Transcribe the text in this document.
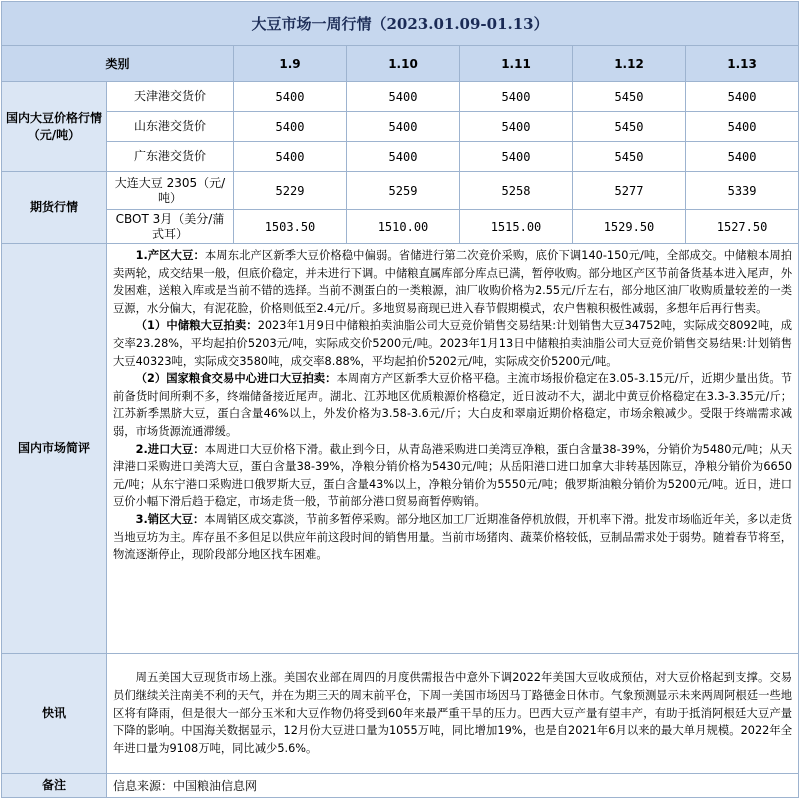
大豆市场一周行情（2023.01.09-01.13）						
类别		1.9	1.10	1.11	1.12	1.13
国内大豆价格行情（元/吨）	天津港交货价	5400	5400	5400	5450	5400
	山东港交货价	5400	5400	5400	5450	5400
	广东港交货价	5400	5400	5400	5450	5400
期货行情	大连大豆 2305（元/吨）	5229	5259	5258	5277	5339
	CBOT 3月（美分/蒲式耳）	1503.50	1510.00	1515.00	1529.50	1527.50
国内市场简评	1.产区大豆：本周东北产区新季大豆价格稳中偏弱。省储进行第二次竞价采购，底价下调140-150元/吨，全部成交。中储粮本周拍卖两轮，成交结果一般，但底价稳定，并未进行下调。中储粮直属库部分库点已满，暂停收购。部分地区产区节前备货基本进入尾声，外发困难，送粮入库或是当前不错的选择。当前不测蛋白的一类粮源，油厂收购价格为2.55元/斤左右，部分地区油厂收购质量较差的一类豆源，水分偏大，有泥花脸，价格则低至2.4元/斤。多地贸易商现已进入春节假期模式，农户售粮积极性减弱，多想年后再行售卖。

（1）中储粮大豆拍卖：2023年1月9日中储粮拍卖油脂公司大豆竞价销售交易结果:计划销售大豆34752吨，实际成交8092吨，成交率23.28%，平均起拍价5203元/吨，实际成交价5200元/吨。2023年1月13日中储粮拍卖油脂公司大豆竞价销售交易结果:计划销售大豆40323吨，实际成交3580吨，成交率8.88%，平均起拍价5202元/吨，实际成交价5200元/吨。

（2）国家粮食交易中心进口大豆拍卖：本周南方产区新季大豆价格平稳。主流市场报价稳定在3.05-3.15元/斤，近期少量出货。节前备货时间所剩不多，终端储备接近尾声。湖北、江苏地区优质粮源价格稳定，近日波动不大，湖北中黄豆价格稳定在3.3-3.35元/斤；江苏新季黑脐大豆，蛋白含量46%以上，外发价格为3.58-3.6元/斤；大白皮和翠扇近期价格稳定，市场余粮减少。受限于终端需求减弱，市场货源流通滞缓。

2.进口大豆：本周进口大豆价格下滑。截止到今日，从青岛港采购进口美湾豆净粮，蛋白含量38-39%，分销价为5480元/吨；从天津港口采购进口美湾大豆，蛋白含量38-39%，净粮分销价格为5430元/吨；从岳阳港口进口加拿大非转基因陈豆，净粮分销价为6650元/吨；从东宁港口采购进口俄罗斯大豆，蛋白含量43%以上，净粮分销价为5550元/吨；俄罗斯油粮分销价为5200元/吨。近日，进口豆价小幅下滑后趋于稳定，市场走货一般，节前部分港口贸易商暂停购销。

3.销区大豆：本周销区成交寡淡，节前多暂停采购。部分地区加工厂近期准备停机放假，开机率下滑。批发市场临近年关，多以走货当地豆坊为主。库存虽不多但足以供应年前这段时间的销售用量。当前市场猪肉、蔬菜价格较低，豆制品需求处于弱势。随着春节将至，物流逐渐停止，现阶段部分地区找车困难。					

快讯	周五美国大豆现货市场上涨。美国农业部在周四的月度供需报告中意外下调2022年美国大豆收成预估，对大豆价格起到支撑。交易员们继续关注南美不利的天气，并在为期三天的周末前平仓，下周一美国市场因马丁路德金日休市。气象预测显示未来两周阿根廷一些地区将有降雨，但是很大一部分玉米和大豆作物仍将受到60年来最严重干旱的压力。巴西大豆产量有望丰产，有助于抵消阿根廷大豆产量下降的影响。中国海关数据显示，12月份大豆进口量为1055万吨，同比增加19%，也是自2021年6月以来的最大单月规模。2022年全年进口量为9108万吨，同比减少5.6%。					

备注	信息来源：中国粮油信息网					
